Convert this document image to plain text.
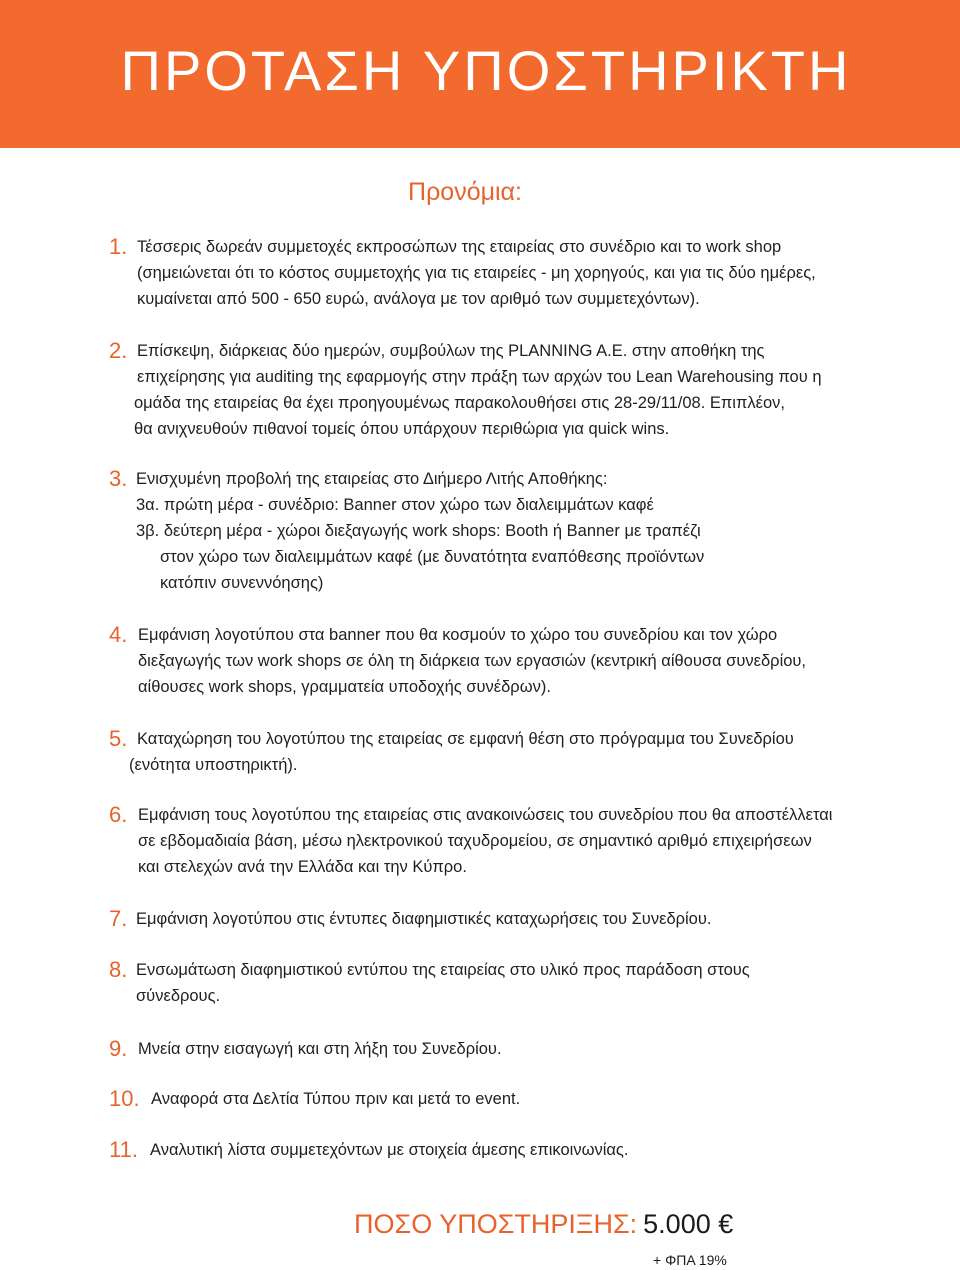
ΠΡΟΤΑΣΗ ΥΠΟΣΤΗΡΙΚΤΗ
Προνόμια:
1. Τέσσερις δωρεάν συμμετοχές εκπροσώπων της εταιρείας στο συνέδριο και το work shop
(σημειώνεται ότι το κόστος συμμετοχής για τις εταιρείες - μη χορηγούς, και για τις δύο ημέρες,
κυμαίνεται από 500 - 650 ευρώ, ανάλογα με τον αριθμό των συμμετεχόντων).
2. Επίσκεψη, διάρκειας δύο ημερών, συμβούλων της PLANNING A.E. στην αποθήκη της
επιχείρησης για auditing της εφαρμογής στην πράξη των αρχών του Lean Warehousing που η
ομάδα της εταιρείας θα έχει προηγουμένως παρακολουθήσει στις 28-29/11/08. Επιπλέον,
θα ανιχνευθούν πιθανοί τομείς όπου υπάρχουν περιθώρια για quick wins.
3. Ενισχυμένη προβολή της εταιρείας στο Διήμερο Λιτής Αποθήκης:
3α. πρώτη μέρα - συνέδριο: Banner στον χώρο των διαλειμμάτων καφέ
3β. δεύτερη μέρα - χώροι διεξαγωγής work shops: Booth ή Banner με τραπέζι
στον χώρο των διαλειμμάτων καφέ (με δυνατότητα εναπόθεσης προϊόντων
κατόπιν συνεννόησης)
4. Εμφάνιση λογοτύπου στα banner που θα κοσμούν το χώρο του συνεδρίου και τον χώρο
διεξαγωγής των work shops σε όλη τη διάρκεια των εργασιών (κεντρική αίθουσα συνεδρίου,
αίθουσες work shops, γραμματεία υποδοχής συνέδρων).
5. Καταχώρηση του λογοτύπου της εταιρείας σε εμφανή θέση στο πρόγραμμα του Συνεδρίου
(ενότητα υποστηρικτή).
6. Εμφάνιση τους λογοτύπου της εταιρείας στις ανακοινώσεις του συνεδρίου που θα αποστέλλεται
σε εβδομαδιαία βάση, μέσω ηλεκτρονικού ταχυδρομείου, σε σημαντικό αριθμό επιχειρήσεων
και στελεχών ανά την Ελλάδα και την Κύπρο.
7. Εμφάνιση λογοτύπου στις έντυπες διαφημιστικές καταχωρήσεις του Συνεδρίου.
8. Ενσωμάτωση διαφημιστικού εντύπου της εταιρείας στο υλικό προς παράδοση στους
σύνεδρους.
9. Μνεία στην εισαγωγή και στη λήξη του Συνεδρίου.
10. Αναφορά στα Δελτία Τύπου πριν και μετά το event.
11. Αναλυτική λίστα συμμετεχόντων με στοιχεία άμεσης επικοινωνίας.
ΠΟΣΟ ΥΠΟΣΤΗΡΙΞΗΣ: 5.000 €
+ ΦΠΑ 19%
